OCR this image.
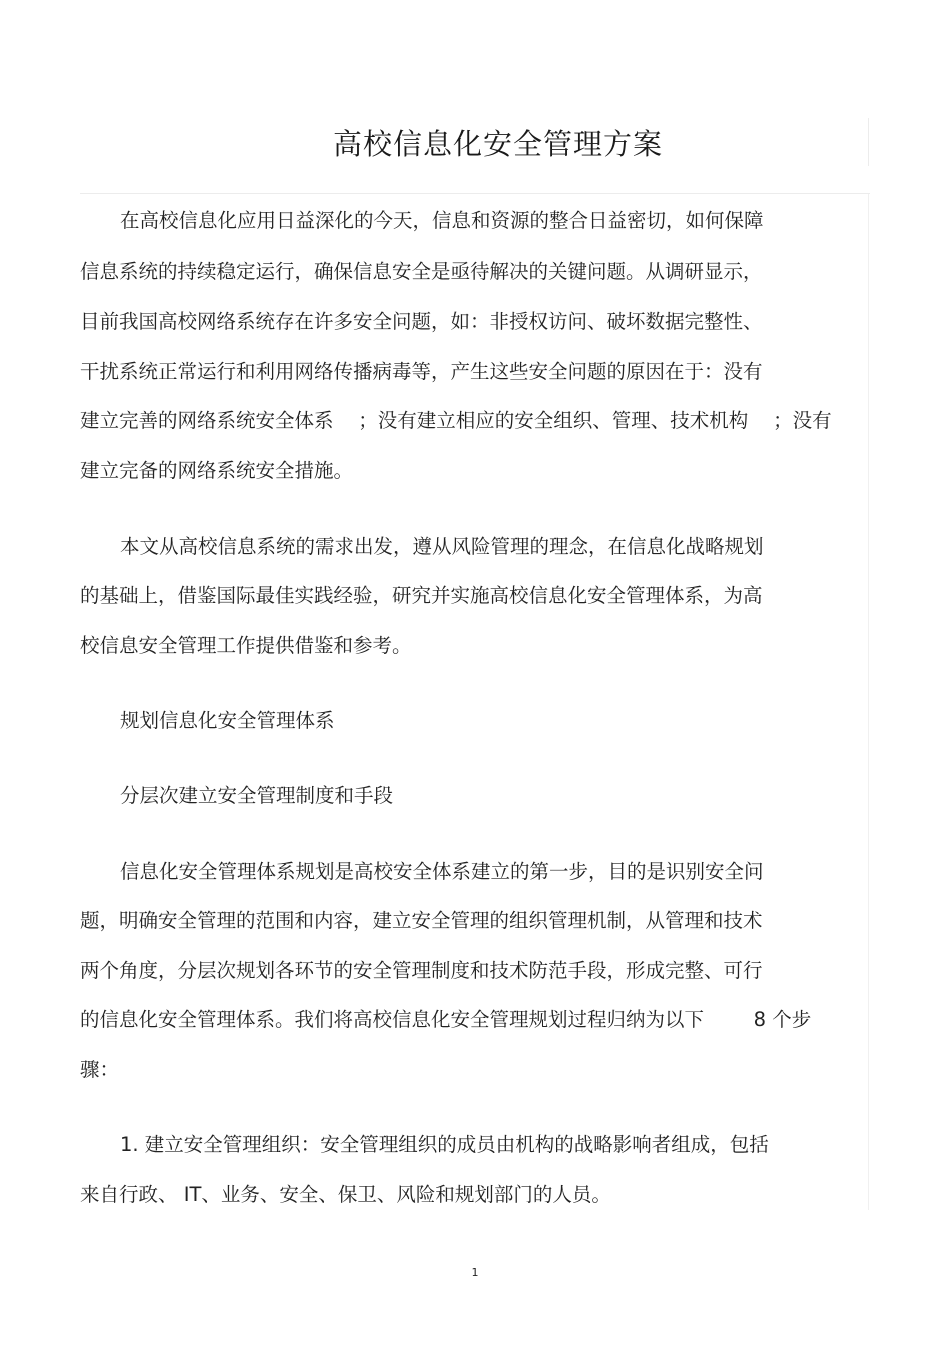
高校信息化安全管理方案
在高校信息化应用日益深化的今天，信息和资源的整合日益密切，如何保障
信息系统的持续稳定运行，确保信息安全是亟待解决的关键问题。从调研显示，
目前我国高校网络系统存在许多安全问题，如：非授权访问、破坏数据完整性、
干扰系统正常运行和利用网络传播病毒等，产生这些安全问题的原因在于：没有
建立完善的网络系统安全体系    ；没有建立相应的安全组织、管理、技术机构    ；没有
建立完备的网络系统安全措施。
本文从高校信息系统的需求出发，遵从风险管理的理念，在信息化战略规划
的基础上，借鉴国际最佳实践经验，研究并实施高校信息化安全管理体系，为高
校信息安全管理工作提供借鉴和参考。
规划信息化安全管理体系
分层次建立安全管理制度和手段
信息化安全管理体系规划是高校安全体系建立的第一步，目的是识别安全问
题，明确安全管理的范围和内容，建立安全管理的组织管理机制，从管理和技术
两个角度，分层次规划各环节的安全管理制度和技术防范手段，形成完整、可行
的信息化安全管理体系。我们将高校信息化安全管理规划过程归纳为以下        8 个步
骤：
1. 建立安全管理组织：安全管理组织的成员由机构的战略影响者组成，包括
来自行政、 IT、业务、安全、保卫、风险和规划部门的人员。
1
